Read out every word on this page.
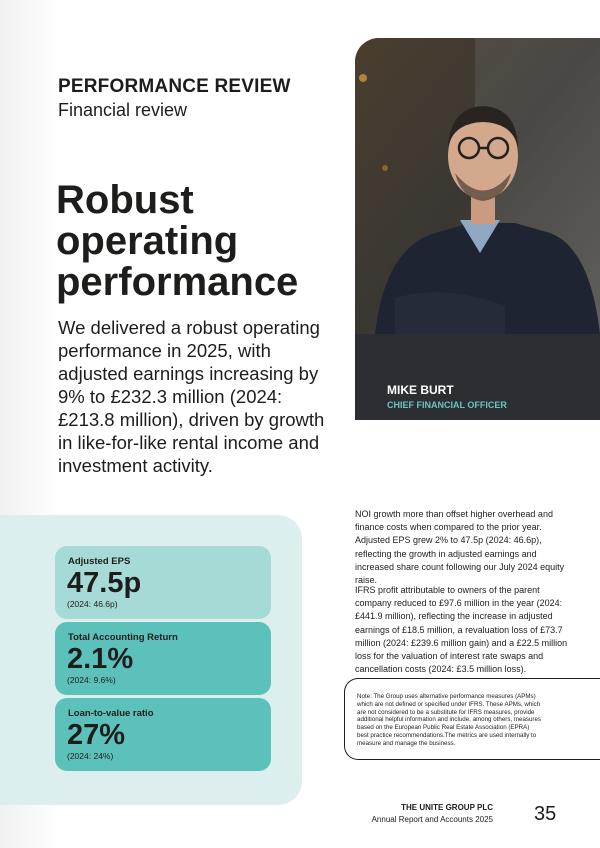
PERFORMANCE REVIEW
Financial review
Robust
operating
performance
We delivered a robust operating performance in 2025, with adjusted earnings increasing by 9% to £232.3 million (2024: £213.8 million), driven by growth in like-for-like rental income and investment activity.
MIKE BURT
CHIEF FINANCIAL OFFICER
NOI growth more than offset higher overhead and finance costs when compared to the prior year. Adjusted EPS grew 2% to 47.5p (2024: 46.6p), reflecting the growth in adjusted earnings and increased share count following our July 2024 equity raise.
IFRS profit attributable to owners of the parent company reduced to £97.6 million in the year (2024: £441.9 million), reflecting the increase in adjusted earnings of £18.5 million, a revaluation loss of £73.7 million (2024: £239.6 million gain) and a £22.5 million loss for the valuation of interest rate swaps and cancellation costs (2024: £3.5 million loss).
Note: The Group uses alternative performance measures (APMs) which are not defined or specified under IFRS. These APMs, which are not considered to be a substitute for IFRS measures, provide additional helpful information and include, among others, measures based on the European Public Real Estate Association (EPRA) best practice recommendations.The metrics are used internally to measure and manage the business.
Adjusted EPS
47.5p
(2024: 46.6p)
Total Accounting Return
2.1%
(2024: 9.6%)
Loan-to-value ratio
27%
(2024: 24%)
THE UNITE GROUP PLC
Annual Report and Accounts 2025 35
